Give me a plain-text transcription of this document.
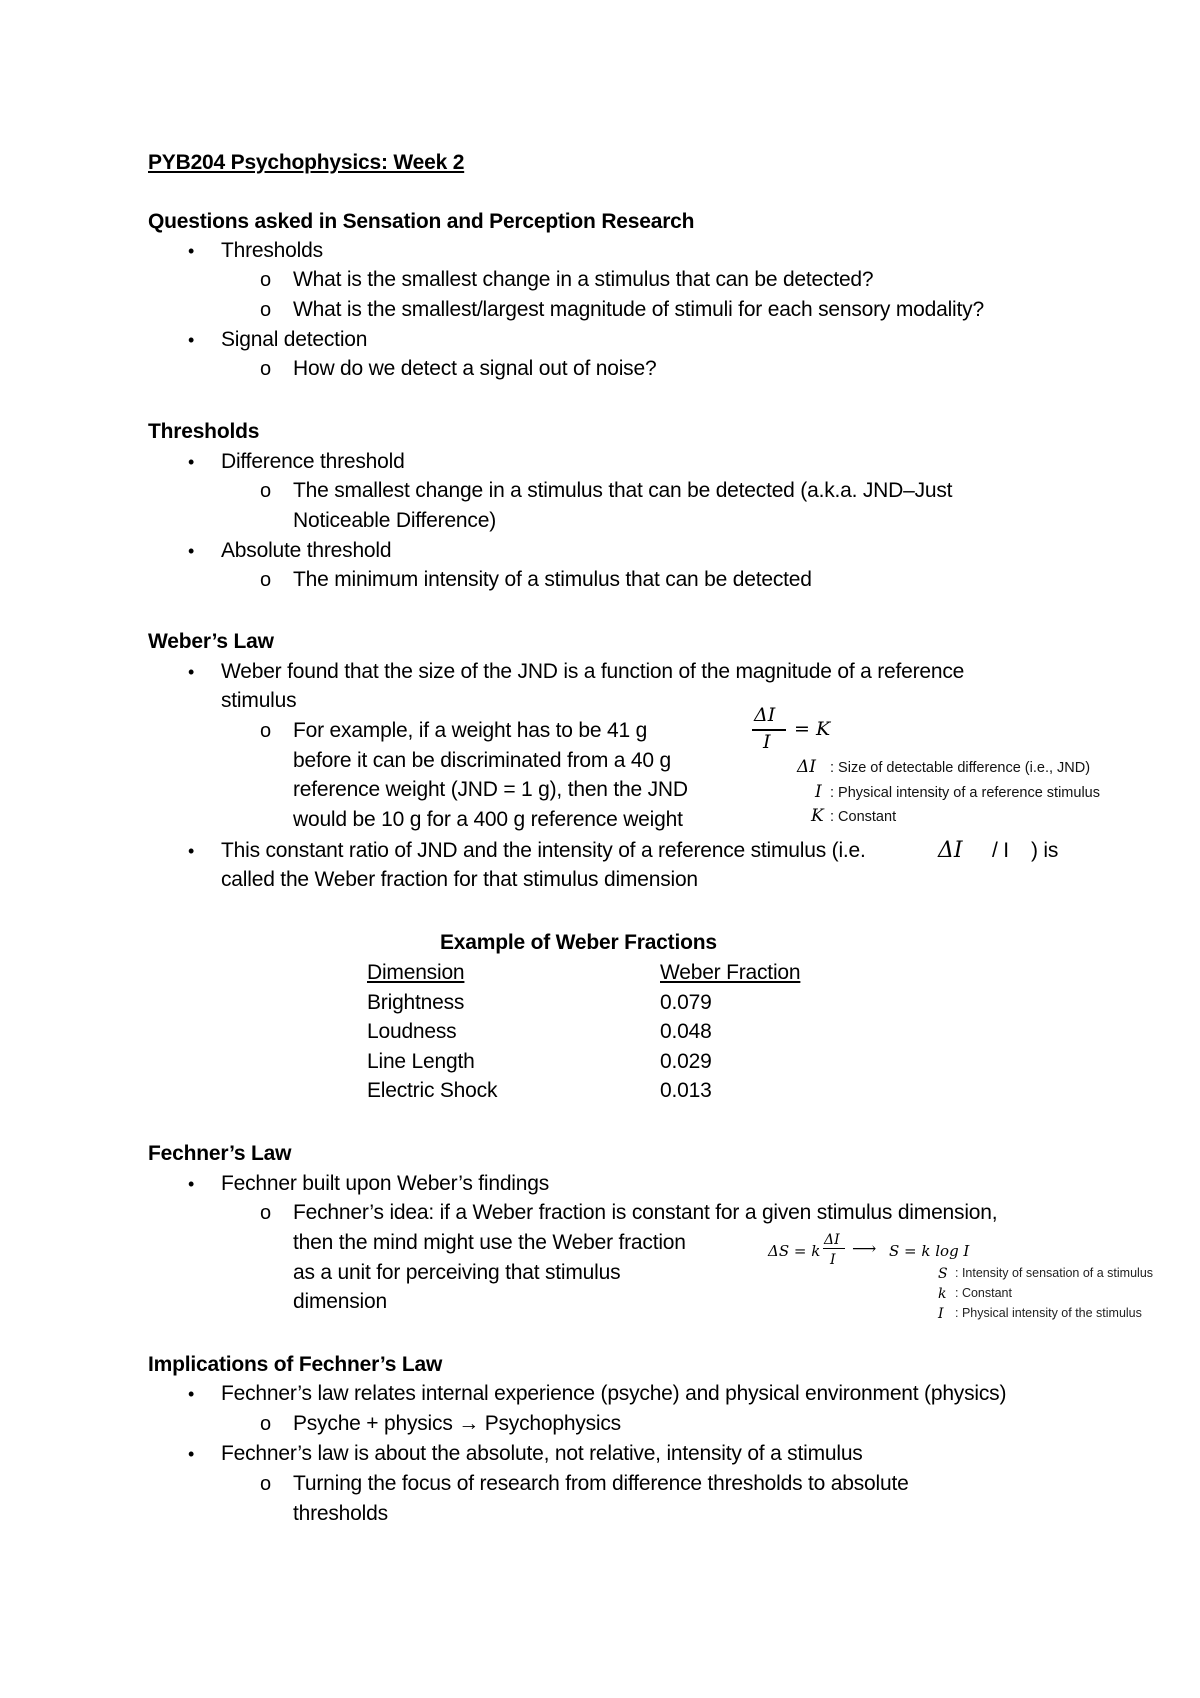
PYB204 Psychophysics: Week 2
Questions asked in Sensation and Perception Research
• Thresholds
o What is the smallest change in a stimulus that can be detected?
o What is the smallest/largest magnitude of stimuli for each sensory modality?
• Signal detection
o How do we detect a signal out of noise?
Thresholds
• Difference threshold
o The smallest change in a stimulus that can be detected (a.k.a. JND–Just
Noticeable Difference)
• Absolute threshold
o The minimum intensity of a stimulus that can be detected
Weber’s Law
• Weber found that the size of the JND is a function of the magnitude of a reference
stimulus
o For example, if a weight has to be 41 g
before it can be discriminated from a 40 g
reference weight (JND = 1 g), then the JND
would be 10 g for a 400 g reference weight
ΔI
I
= K
ΔI : Size of detectable difference (i.e., JND)
I : Physical intensity of a reference stimulus
K : Constant
• This constant ratio of JND and the intensity of a reference stimulus (i.e.	ΔI / I ) is
called the Weber fraction for that stimulus dimension
Example of Weber Fractions
Dimension	Weber Fraction
Brightness	0.079
Loudness	0.048
Line Length	0.029
Electric Shock	0.013
Fechner’s Law
• Fechner built upon Weber’s findings
o Fechner’s idea: if a Weber fraction is constant for a given stimulus dimension,
then the mind might use the Weber fraction
as a unit for perceiving that stimulus
dimension
ΔS = k
ΔI
I
⟶ S = k log I
S : Intensity of sensation of a stimulus
k : Constant
I : Physical intensity of the stimulus
Implications of Fechner’s Law
• Fechner’s law relates internal experience (psyche) and physical environment (physics)
o Psyche + physics → Psychophysics
• Fechner’s law is about the absolute, not relative, intensity of a stimulus
o Turning the focus of research from difference thresholds to absolute
thresholds
